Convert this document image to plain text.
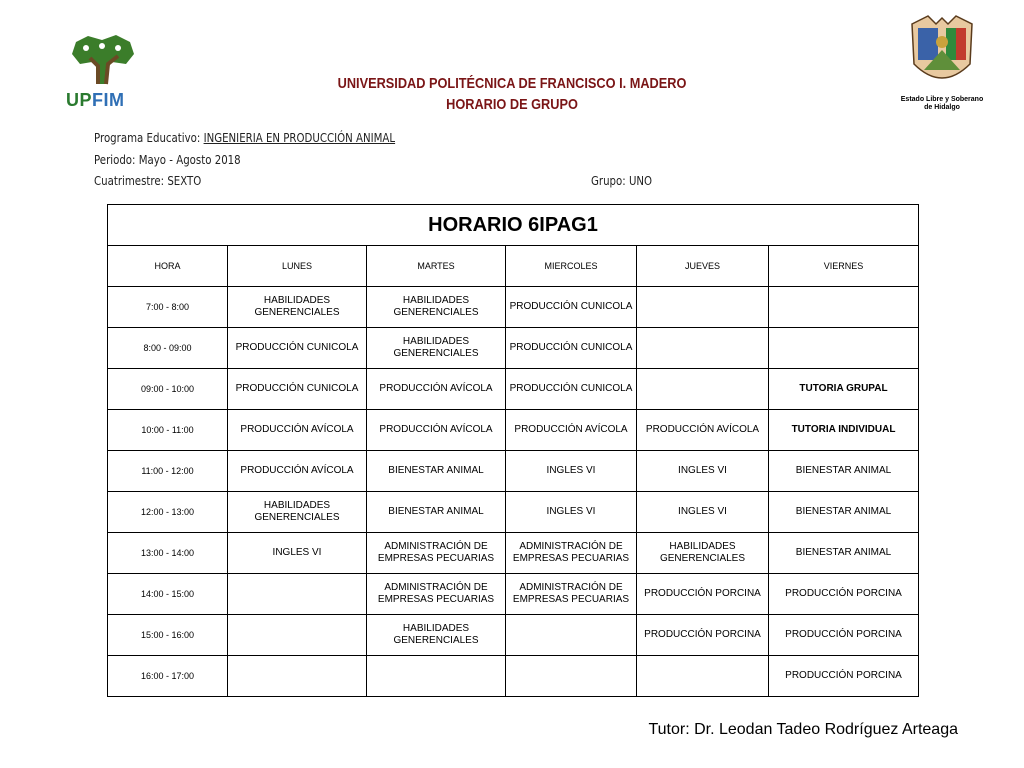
UPFIM	Estado Libre y Soberano de Hidalgo
UNIVERSIDAD POLITÉCNICA DE FRANCISCO I. MADERO
HORARIO DE GRUPO
Programa Educativo: INGENIERIA EN PRODUCCIÓN ANIMAL
Periodo: Mayo - Agosto 2018
Cuatrimestre: SEXTO	Grupo: UNO
HORARIO 6IPAG1					
HORA	LUNES	MARTES	MIERCOLES	JUEVES	VIERNES
7:00 - 8:00	HABILIDADES GENERENCIALES	HABILIDADES GENERENCIALES	PRODUCCIÓN CUNICOLA		
8:00 - 09:00	PRODUCCIÓN CUNICOLA	HABILIDADES GENERENCIALES	PRODUCCIÓN CUNICOLA		
09:00 - 10:00	PRODUCCIÓN CUNICOLA	PRODUCCIÓN AVÍCOLA	PRODUCCIÓN CUNICOLA		TUTORIA GRUPAL
10:00 - 11:00	PRODUCCIÓN AVÍCOLA	PRODUCCIÓN AVÍCOLA	PRODUCCIÓN AVÍCOLA	PRODUCCIÓN AVÍCOLA	TUTORIA INDIVIDUAL
11:00 - 12:00	PRODUCCIÓN AVÍCOLA	BIENESTAR ANIMAL	INGLES VI	INGLES VI	BIENESTAR ANIMAL
12:00 - 13:00	HABILIDADES GENERENCIALES	BIENESTAR ANIMAL	INGLES VI	INGLES VI	BIENESTAR ANIMAL
13:00 - 14:00	INGLES VI	ADMINISTRACIÓN DE EMPRESAS PECUARIAS	ADMINISTRACIÓN DE EMPRESAS PECUARIAS	HABILIDADES GENERENCIALES	BIENESTAR ANIMAL
14:00 - 15:00		ADMINISTRACIÓN DE EMPRESAS PECUARIAS	ADMINISTRACIÓN DE EMPRESAS PECUARIAS	PRODUCCIÓN PORCINA	PRODUCCIÓN PORCINA
15:00 - 16:00		HABILIDADES GENERENCIALES		PRODUCCIÓN PORCINA	PRODUCCIÓN PORCINA
16:00 - 17:00					PRODUCCIÓN PORCINA
Tutor: Dr. Leodan Tadeo Rodríguez Arteaga
